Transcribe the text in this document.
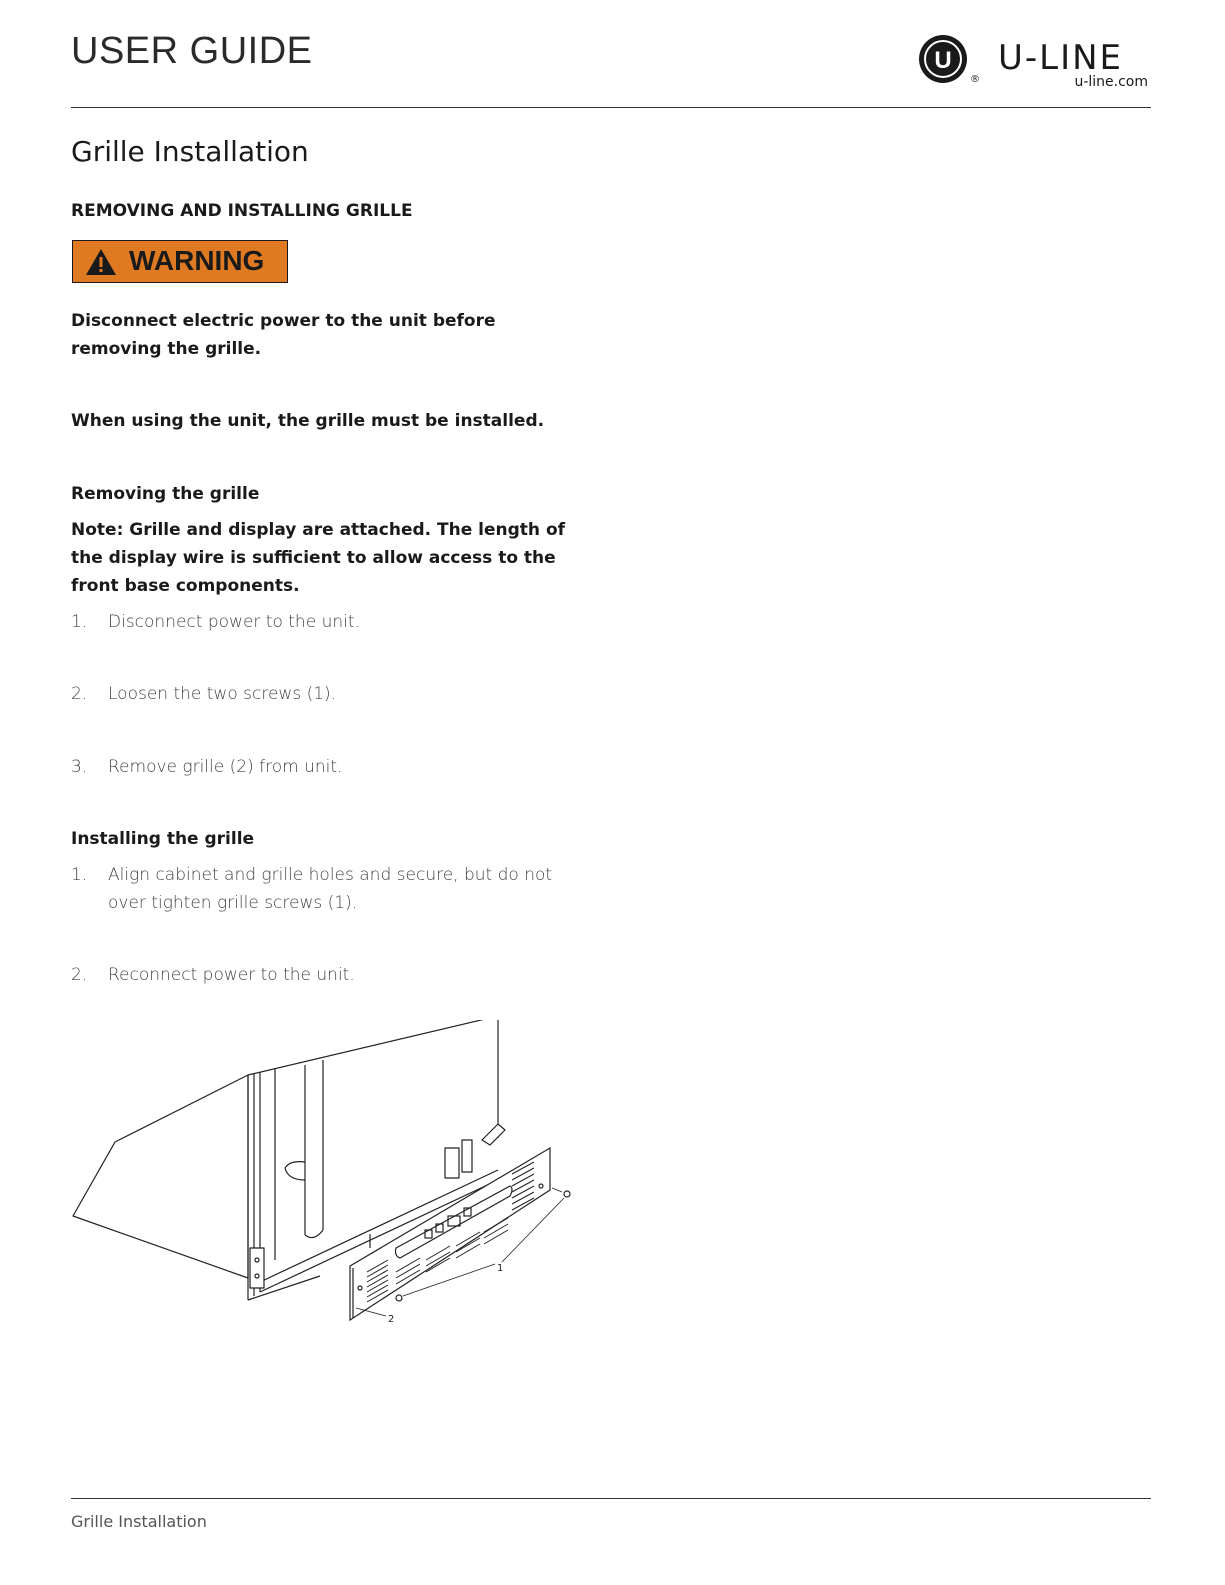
USER GUIDE	U
®
U-LINE
u-line.com
Grille Installation
REMOVING AND INSTALLING GRILLE
WARNING
Disconnect electric power to the unit before removing the grille.
When using the unit, the grille must be installed.
Removing the grille
Note: Grille and display are attached. The length of the display wire is sufficient to allow access to the front base components.
1. Disconnect power to the unit.
2. Loosen the two screws (1).
3. Remove grille (2) from unit.
Installing the grille
1. Align cabinet and grille holes and secure, but do not over tighten grille screws (1).
2. Reconnect power to the unit.
1
2
Grille Installation
